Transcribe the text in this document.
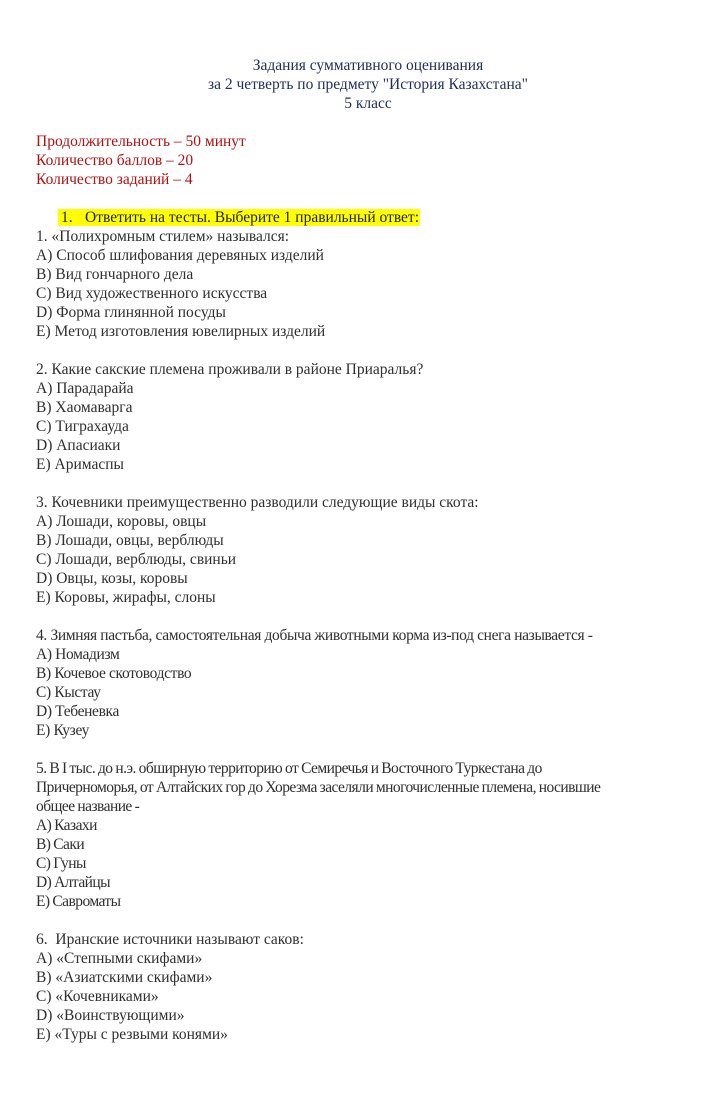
Задания суммативного оценивания
за 2 четверть по предмету "История Казахстана"
5 класс
Продолжительность – 50 минут
Количество баллов – 20
Количество заданий – 4
1. Ответить на тесты. Выберите 1 правильный ответ:
1. «Полихромным стилем» назывался:
A) Способ шлифования деревяных изделий
B) Вид гончарного дела
C) Вид художественного искусства
D) Форма глинянной посуды
E) Метод изготовления ювелирных изделий
2. Какие сакские племена проживали в районе Приаралья?
A) Парадарайа
B) Хаомаварга
C) Тиграхауда
D) Апасиаки
E) Аримаспы
3. Кочевники преимущественно разводили следующие виды скота:
A) Лошади, коровы, овцы
B) Лошади, овцы, верблюды
C) Лошади, верблюды, свиньи
D) Овцы, козы, коровы
E) Коровы, жирафы, слоны
4. Зимняя пастьба, самостоятельная добыча животными корма из-под снега называется -
A) Номадизм
B) Кочевое скотоводство
C) Кыстау
D) Тебеневка
E) Кузеу
5. В I тыс. до н.э. обширную территорию от Семиречья и Восточного Туркестана до
Причерноморья, от Алтайских гор до Хорезма заселяли многочисленные племена, носившие
общее название -
A) Казахи
B) Саки
C) Гуны
D) Алтайцы
E) Савроматы
6.  Иранские источники называют саков:
A) «Степными скифами»
B) «Азиатскими скифами»
C) «Кочевниками»
D) «Воинствующими»
E) «Туры с резвыми конями»
